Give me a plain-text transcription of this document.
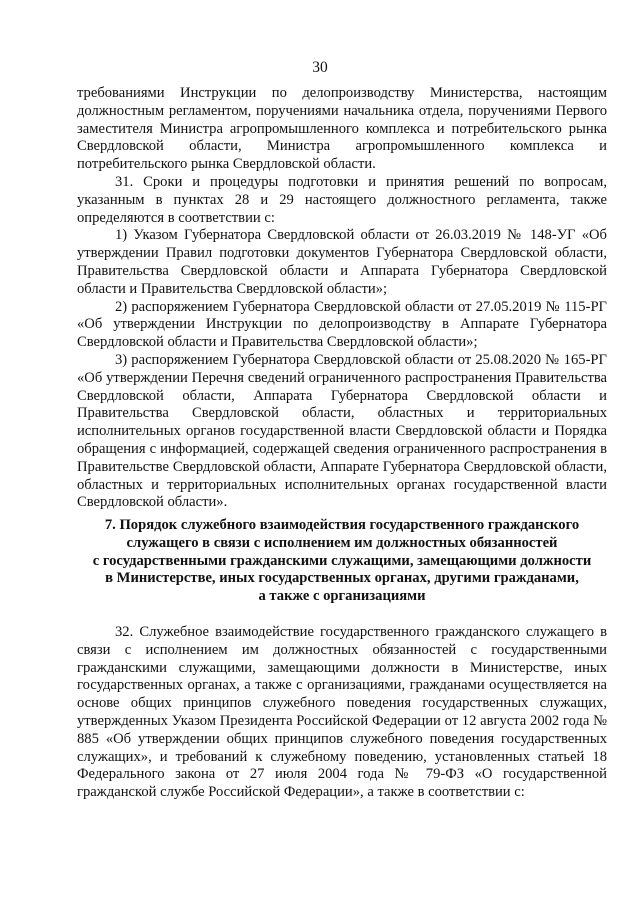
30

требованиями Инструкции по делопроизводству Министерства, настоящим должностным регламентом, поручениями начальника отдела, поручениями Первого заместителя Министра агропромышленного комплекса и потребительского рынка Свердловской области, Министра агропромышленного комплекса и потребительского рынка Свердловской области.

31. Сроки и процедуры подготовки и принятия решений по вопросам, указанным в пунктах 28 и 29 настоящего должностного регламента, также определяются в соответствии с:

1) Указом Губернатора Свердловской области от 26.03.2019 № 148-УГ «Об утверждении Правил подготовки документов Губернатора Свердловской области, Правительства Свердловской области и Аппарата Губернатора Свердловской области и Правительства Свердловской области»;

2) распоряжением Губернатора Свердловской области от 27.05.2019 № 115-РГ «Об утверждении Инструкции по делопроизводству в Аппарате Губернатора Свердловской области и Правительства Свердловской области»;

3) распоряжением Губернатора Свердловской области от 25.08.2020 № 165-РГ «Об утверждении Перечня сведений ограниченного распространения Правительства Свердловской области, Аппарата Губернатора Свердловской области и Правительства Свердловской области, областных и территориальных исполнительных органов государственной власти Свердловской области и Порядка обращения с информацией, содержащей сведения ограниченного распространения в Правительстве Свердловской области, Аппарате Губернатора Свердловской области, областных и территориальных исполнительных органах государственной власти Свердловской области».

7. Порядок служебного взаимодействия государственного гражданского
служащего в связи с исполнением им должностных обязанностей
с государственными гражданскими служащими, замещающими должности
в Министерстве, иных государственных органах, другими гражданами,
а также с организациями

32. Служебное взаимодействие государственного гражданского служащего в связи с исполнением им должностных обязанностей с государственными гражданскими служащими, замещающими должности в Министерстве, иных государственных органах, а также с организациями, гражданами осуществляется на основе общих принципов служебного поведения государственных служащих, утвержденных Указом Президента Российской Федерации от 12 августа 2002 года № 885 «Об утверждении общих принципов служебного поведения государственных служащих», и требований к служебному поведению, установленных статьей 18 Федерального закона от 27 июля 2004 года № 79-ФЗ «О государственной гражданской службе Российской Федерации», а также в соответствии с:
